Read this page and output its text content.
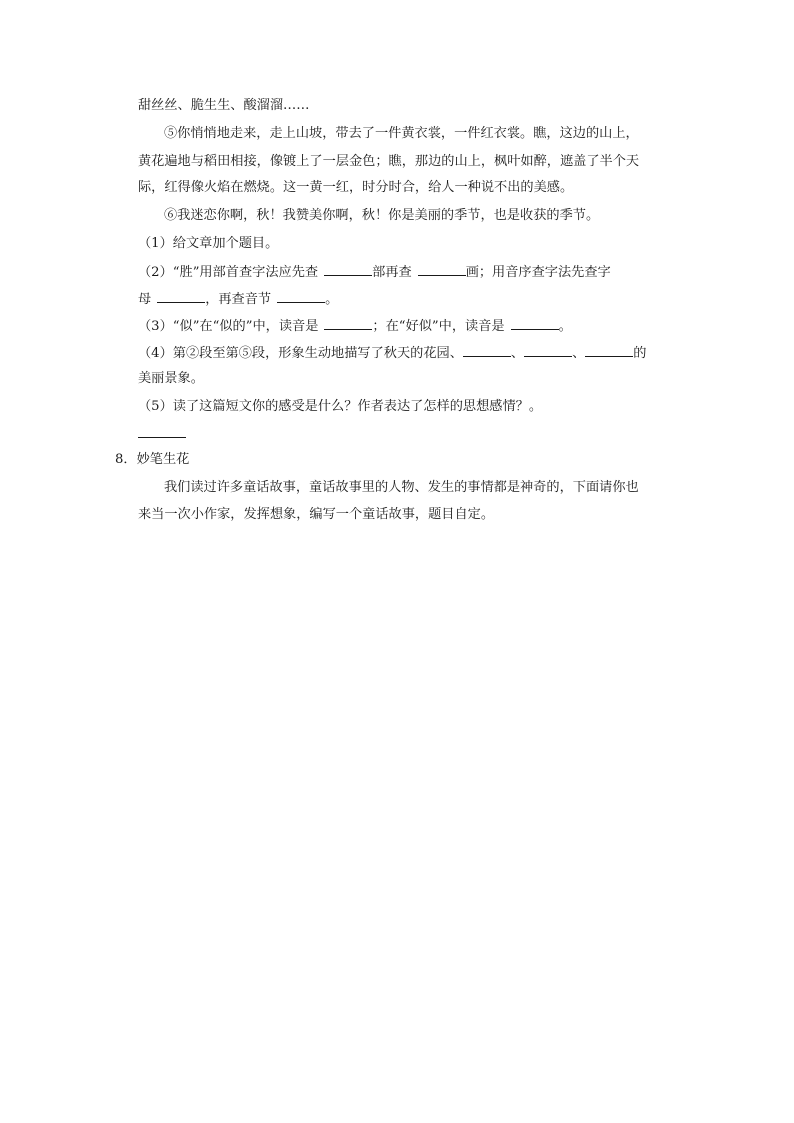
甜丝丝、脆生生、酸溜溜……
⑤你悄悄地走来，走上山坡，带去了一件黄衣裳，一件红衣裳。瞧，这边的山上，
黄花遍地与稻田相接，像镀上了一层金色；瞧，那边的山上，枫叶如醉，遮盖了半个天
际，红得像火焰在燃烧。这一黄一红，时分时合，给人一种说不出的美感。
⑥我迷恋你啊，秋！我赞美你啊，秋！你是美丽的季节，也是收获的季节。
（1）给文章加个题目。
（2）“胜”用部首查字法应先查	部再查	画；用音序查字法先查字
母	，再查音节	。
（3）“似”在“似的”中，读音是	；在“好似”中，读音是	。
（4）第②段至第⑤段，形象生动地描写了秋天的花园、	、	、	的
美丽景象。
（5）读了这篇短文你的感受是什么？作者表达了怎样的思想感情？。
8．妙笔生花
我们读过许多童话故事，童话故事里的人物、发生的事情都是神奇的，下面请你也
来当一次小作家，发挥想象，编写一个童话故事，题目自定。
